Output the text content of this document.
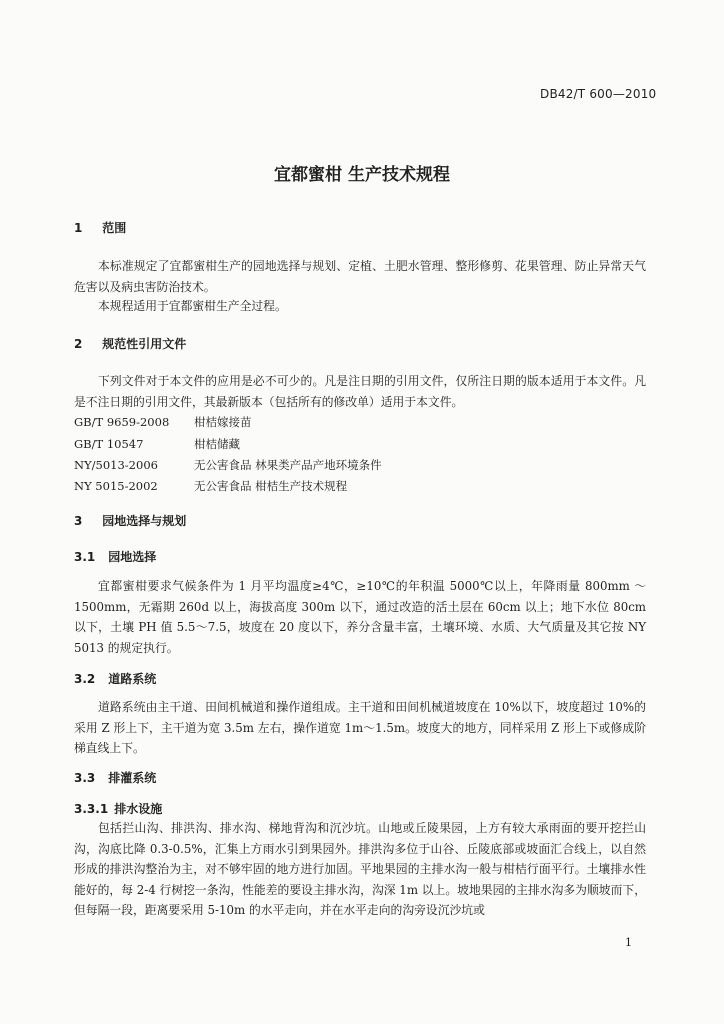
DB42/T 600—2010
宜都蜜柑 生产技术规程
1 范围
本标准规定了宜都蜜柑生产的园地选择与规划、定植、土肥水管理、整形修剪、花果管理、防止异常天气危害以及病虫害防治技术。
本规程适用于宜都蜜柑生产全过程。
2 规范性引用文件
下列文件对于本文件的应用是必不可少的。凡是注日期的引用文件，仅所注日期的版本适用于本文件。凡是不注日期的引用文件，其最新版本（包括所有的修改单）适用于本文件。
GB/T 9659-2008 柑桔嫁接苗
GB/T 10547	柑桔储藏
NY/5013-2006	无公害食品 林果类产品产地环境条件
NY 5015-2002	无公害食品 柑桔生产技术规程
3 园地选择与规划
3.1 园地选择
宜都蜜柑要求气候条件为 1 月平均温度≥4℃，≥10℃的年积温 5000℃以上，年降雨量 800mm ～1500mm，无霜期 260d 以上，海拔高度 300m 以下，通过改造的活土层在 60cm 以上；地下水位 80cm 以下，土壤 PH 值 5.5～7.5，坡度在 20 度以下，养分含量丰富，土壤环境、水质、大气质量及其它按 NY 5013 的规定执行。
3.2 道路系统
道路系统由主干道、田间机械道和操作道组成。主干道和田间机械道坡度在 10%以下，坡度超过 10%的采用 Z 形上下，主干道为宽 3.5m 左右，操作道宽 1m～1.5m。坡度大的地方，同样采用 Z 形上下或修成阶梯直线上下。
3.3 排灌系统
3.3.1 排水设施
包括拦山沟、排洪沟、排水沟、梯地背沟和沉沙坑。山地或丘陵果园，上方有较大承雨面的要开挖拦山沟，沟底比降 0.3-0.5%，汇集上方雨水引到果园外。排洪沟多位于山谷、丘陵底部或坡面汇合线上，以自然形成的排洪沟整治为主，对不够牢固的地方进行加固。平地果园的主排水沟一般与柑桔行面平行。土壤排水性能好的，每 2-4 行树挖一条沟，性能差的要设主排水沟，沟深 1m 以上。坡地果园的主排水沟多为顺坡而下，但每隔一段，距离要采用 5-10m 的水平走向，并在水平走向的沟旁设沉沙坑或
1
